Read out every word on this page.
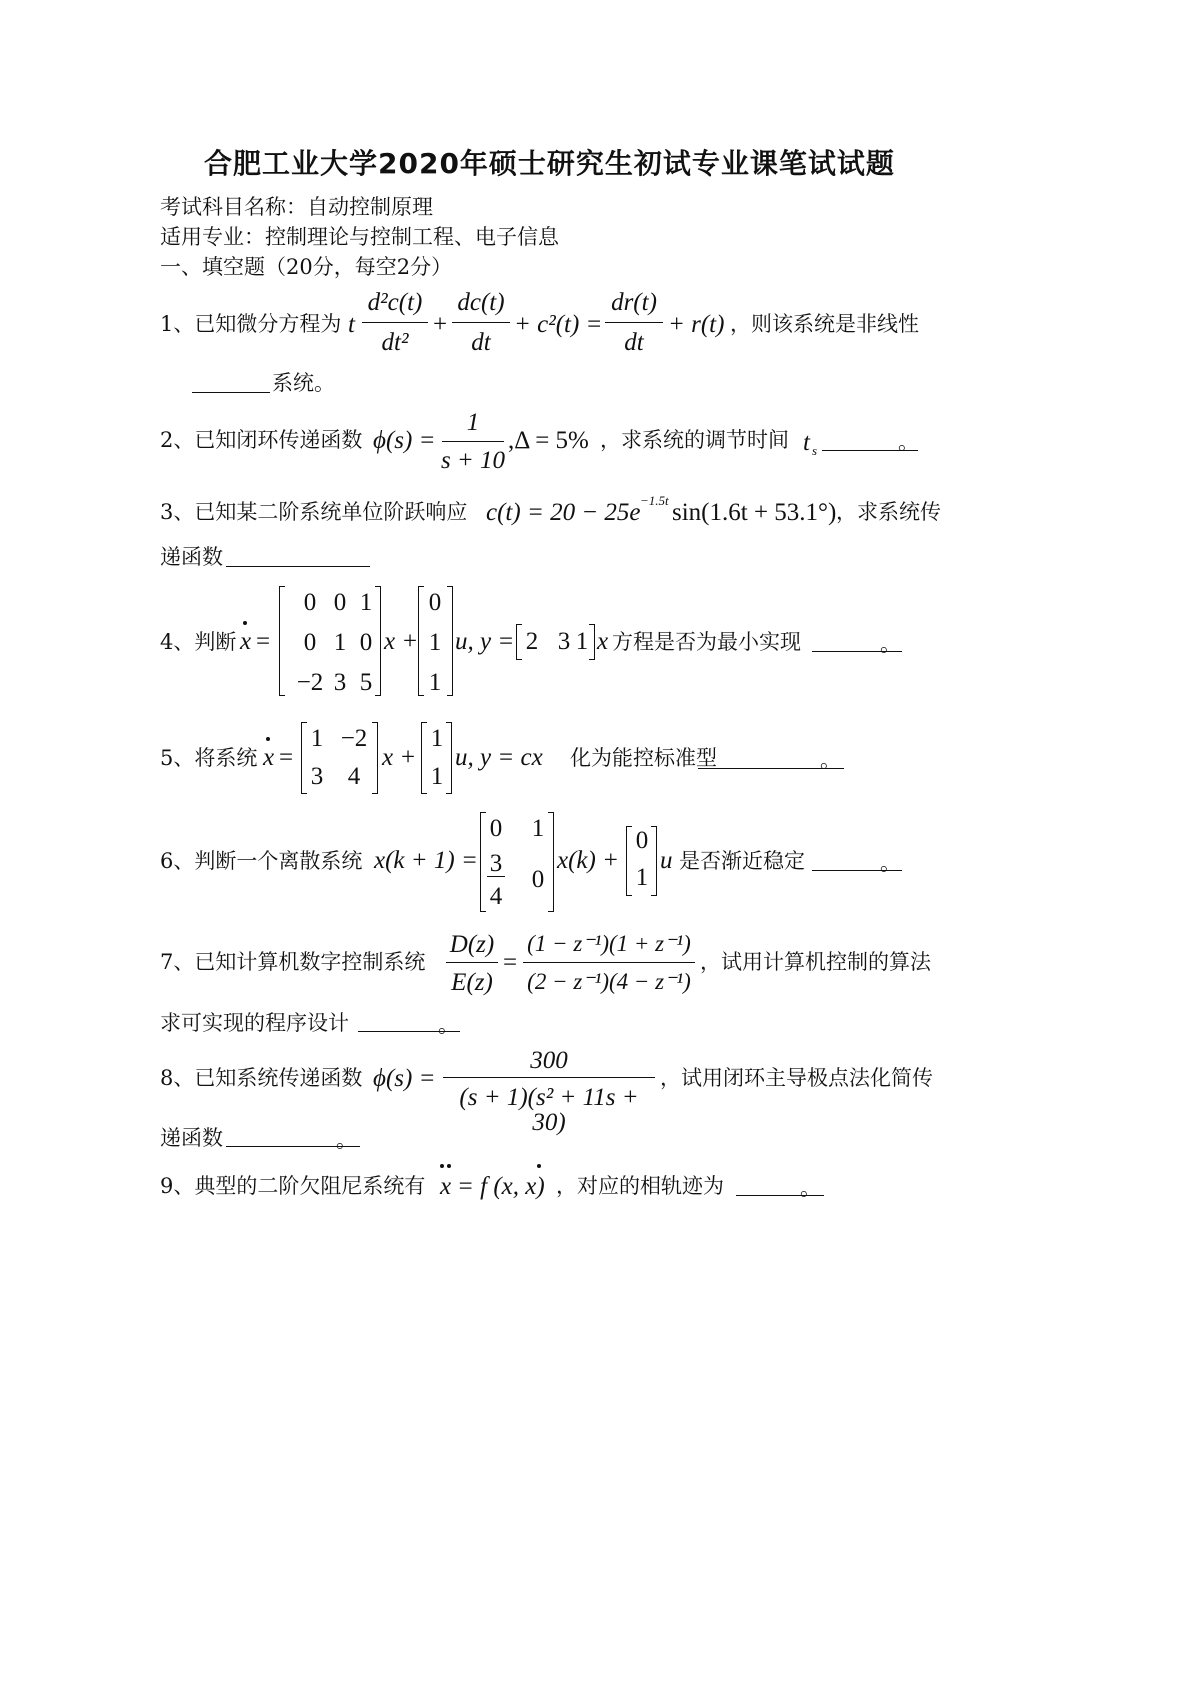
合肥工业大学2020年硕士研究生初试专业课笔试试题
考试科目名称：自动控制原理
适用专业：控制理论与控制工程、电子信息
一、填空题（20分，每空2分）
1、已知微分方程为 t
d²c(t)
dt²
+
dc(t)
dt
+ c²(t) =
dr(t)
dt
+ r(t) ，则该系统是非线性
系统。
2、已知闭环传递函数 ϕ(s) =
1
s + 10
,Δ = 5% ，求系统的调节时间 t s	。
3、已知某二阶系统单位阶跃响应 c(t) = 20 − 25e −1.5t sin(1.6t + 53.1°) ，求系统传
递函数
4、判断 x =
0 0 1
0 1 0
−2 3 5
x +
0
1
1
u, y = 2 3 1 x 方程是否为最小实现	。
5、将系统 x =
1 −2
3 4
x +
1
1
u, y = cx 化为能控标准型	。
6、判断一个离散系统 x(k + 1) =
0 1
3
4
0
x(k) +
0
1
u 是否渐近稳定	。
7、已知计算机数字控制系统
D(z)
E(z)
=
(1 − z⁻¹)(1 + z⁻¹)
(2 − z⁻¹)(4 − z⁻¹)
，试用计算机控制的算法
求可实现的程序设计	。
8、已知系统传递函数 ϕ(s) =
300
(s + 1)(s² + 11s + 30)
，试用闭环主导极点法化简传
递函数	。
9、典型的二阶欠阻尼系统有 x = f (x, x) ，对应的相轨迹为	。
